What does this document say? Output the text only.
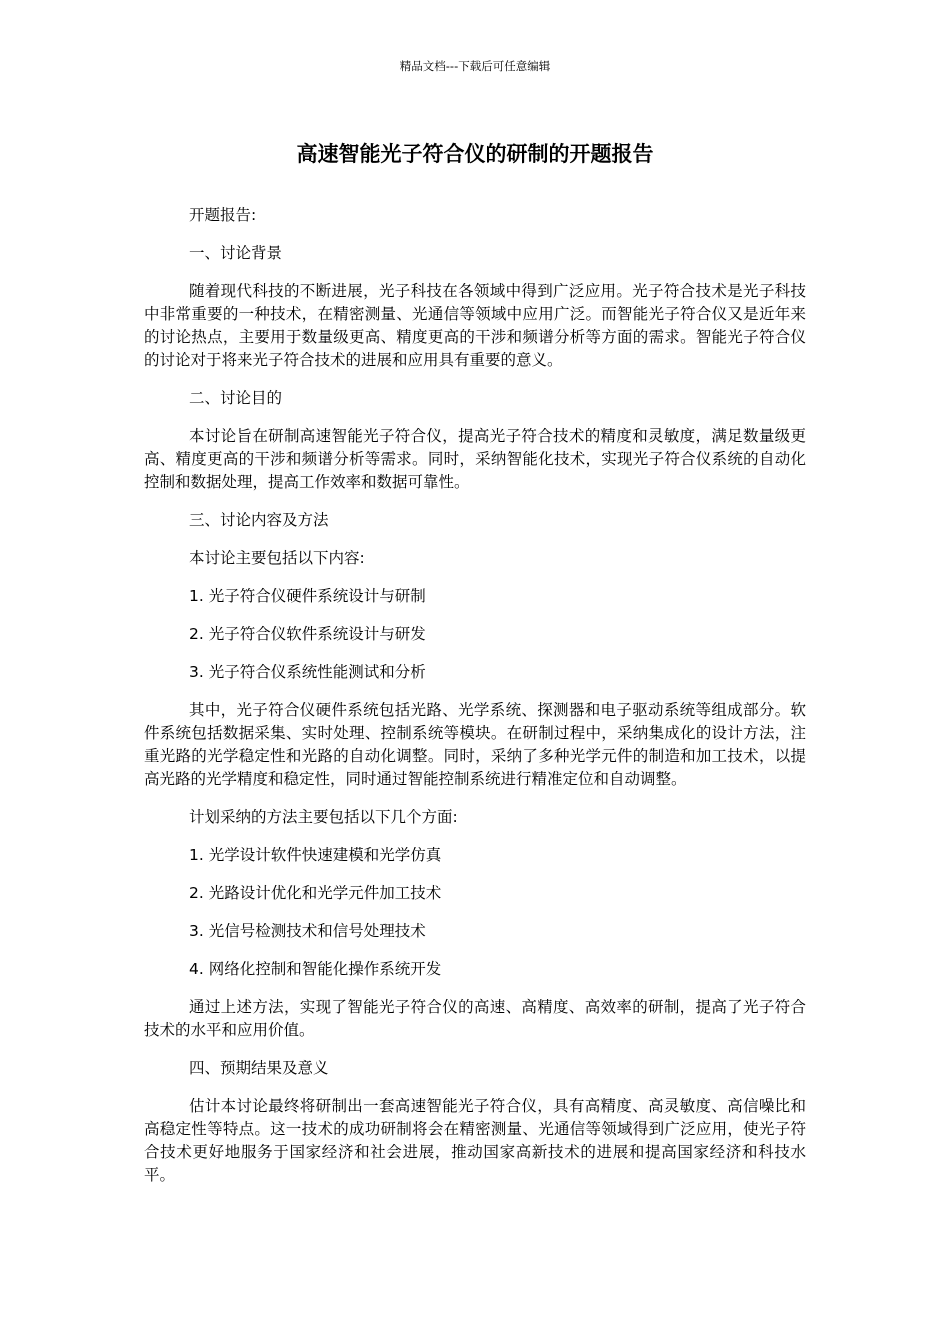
精品文档---下载后可任意编辑
高速智能光子符合仪的研制的开题报告

开题报告:

一、讨论背景

随着现代科技的不断进展，光子科技在各领域中得到广泛应用。光子符合技术是光子科技中非常重要的一种技术，在精密测量、光通信等领域中应用广泛。而智能光子符合仪又是近年来的讨论热点，主要用于数量级更高、精度更高的干涉和频谱分析等方面的需求。智能光子符合仪的讨论对于将来光子符合技术的进展和应用具有重要的意义。

二、讨论目的

本讨论旨在研制高速智能光子符合仪，提高光子符合技术的精度和灵敏度，满足数量级更高、精度更高的干涉和频谱分析等需求。同时，采纳智能化技术，实现光子符合仪系统的自动化控制和数据处理，提高工作效率和数据可靠性。

三、讨论内容及方法

本讨论主要包括以下内容:

1. 光子符合仪硬件系统设计与研制

2. 光子符合仪软件系统设计与研发

3. 光子符合仪系统性能测试和分析

其中，光子符合仪硬件系统包括光路、光学系统、探测器和电子驱动系统等组成部分。软件系统包括数据采集、实时处理、控制系统等模块。在研制过程中，采纳集成化的设计方法，注重光路的光学稳定性和光路的自动化调整。同时，采纳了多种光学元件的制造和加工技术，以提高光路的光学精度和稳定性，同时通过智能控制系统进行精准定位和自动调整。

计划采纳的方法主要包括以下几个方面:

1. 光学设计软件快速建模和光学仿真

2. 光路设计优化和光学元件加工技术

3. 光信号检测技术和信号处理技术

4. 网络化控制和智能化操作系统开发

通过上述方法，实现了智能光子符合仪的高速、高精度、高效率的研制，提高了光子符合技术的水平和应用价值。

四、预期结果及意义

估计本讨论最终将研制出一套高速智能光子符合仪，具有高精度、高灵敏度、高信噪比和高稳定性等特点。这一技术的成功研制将会在精密测量、光通信等领域得到广泛应用，使光子符合技术更好地服务于国家经济和社会进展，推动国家高新技术的进展和提高国家经济和科技水平。
